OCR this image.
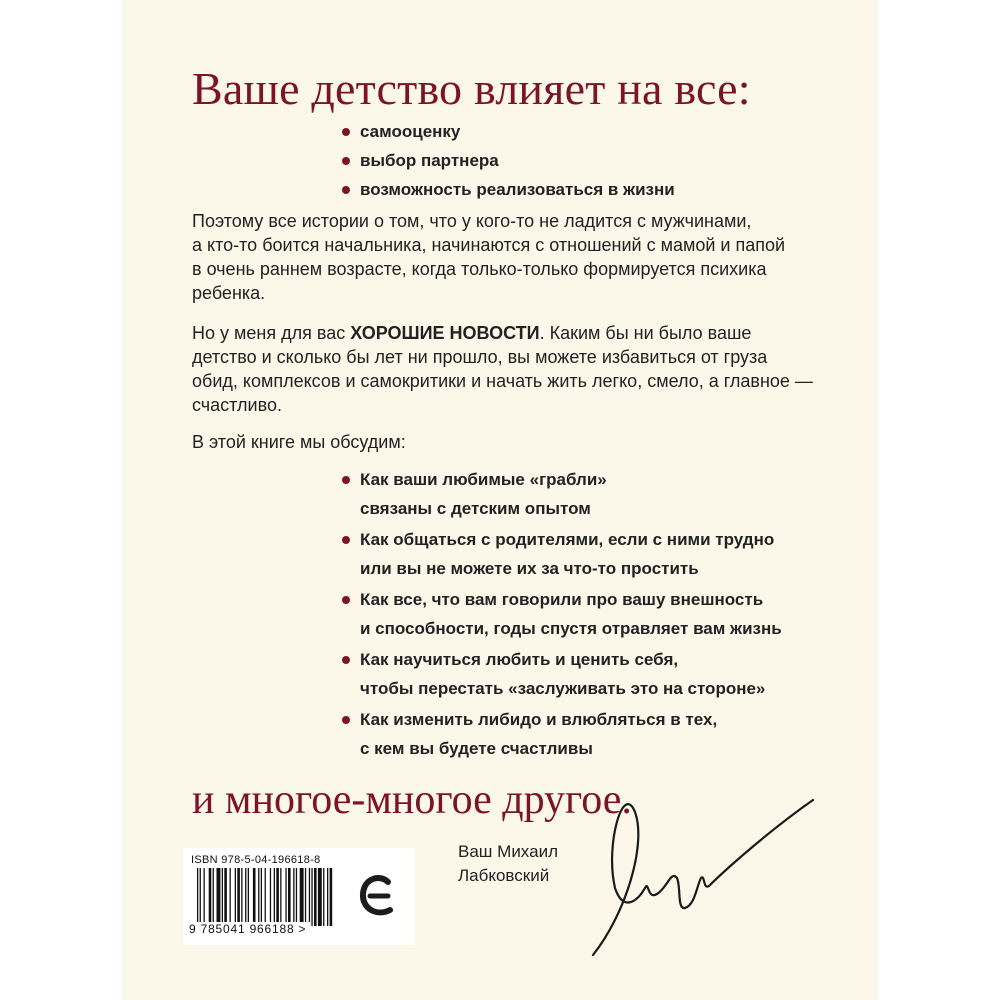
Ваше детство влияет на все:
самооценку
выбор партнера
возможность реализоваться в жизни

Поэтому все истории о том, что у кого-то не ладится с мужчинами,
а кто-то боится начальника, начинаются с отношений с мамой и папой
в очень раннем возрасте, когда только-только формируется психика
ребенка.

Но у меня для вас ХОРОШИЕ НОВОСТИ. Каким бы ни было ваше
детство и сколько бы лет ни прошло, вы можете избавиться от груза
обид, комплексов и самокритики и начать жить легко, смело, а главное —
счастливо.

В этой книге мы обсудим:

Как ваши любимые «грабли»
связаны с детским опытом
Как общаться с родителями, если с ними трудно
или вы не можете их за что-то простить
Как все, что вам говорили про вашу внешность
и способности, годы спустя отравляет вам жизнь
Как научиться любить и ценить себя,
чтобы перестать «заслуживать это на стороне»
Как изменить либидо и влюбляться в тех,
с кем вы будете счастливы

и многое-многое другое.

ISBN 978-5-04-196618-8
9 785041 966188 >
Ваш Михаил
Лабковский
